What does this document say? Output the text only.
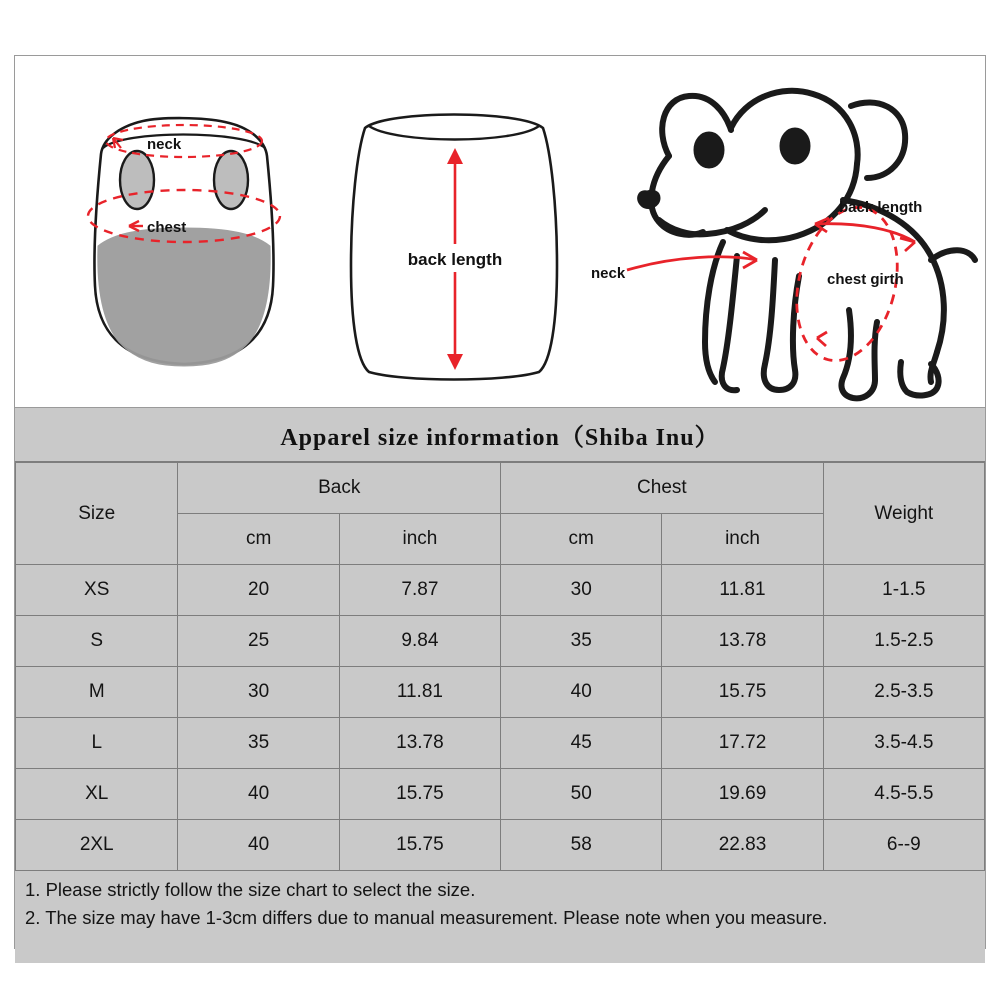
neck
chest
back length
neck
back length
chest girth
Apparel size information（Shiba Inu）
Size	Back		Chest		Weight
	cm	inch	cm	inch	
XS	20	7.87	30	11.81	1-1.5
S	25	9.84	35	13.78	1.5-2.5
M	30	11.81	40	15.75	2.5-3.5
L	35	13.78	45	17.72	3.5-4.5
XL	40	15.75	50	19.69	4.5-5.5
2XL	40	15.75	58	22.83	6--9

1. Please strictly follow the size chart to select the size.

2. The size may have 1-3cm differs due to manual measurement. Please note when you measure.
